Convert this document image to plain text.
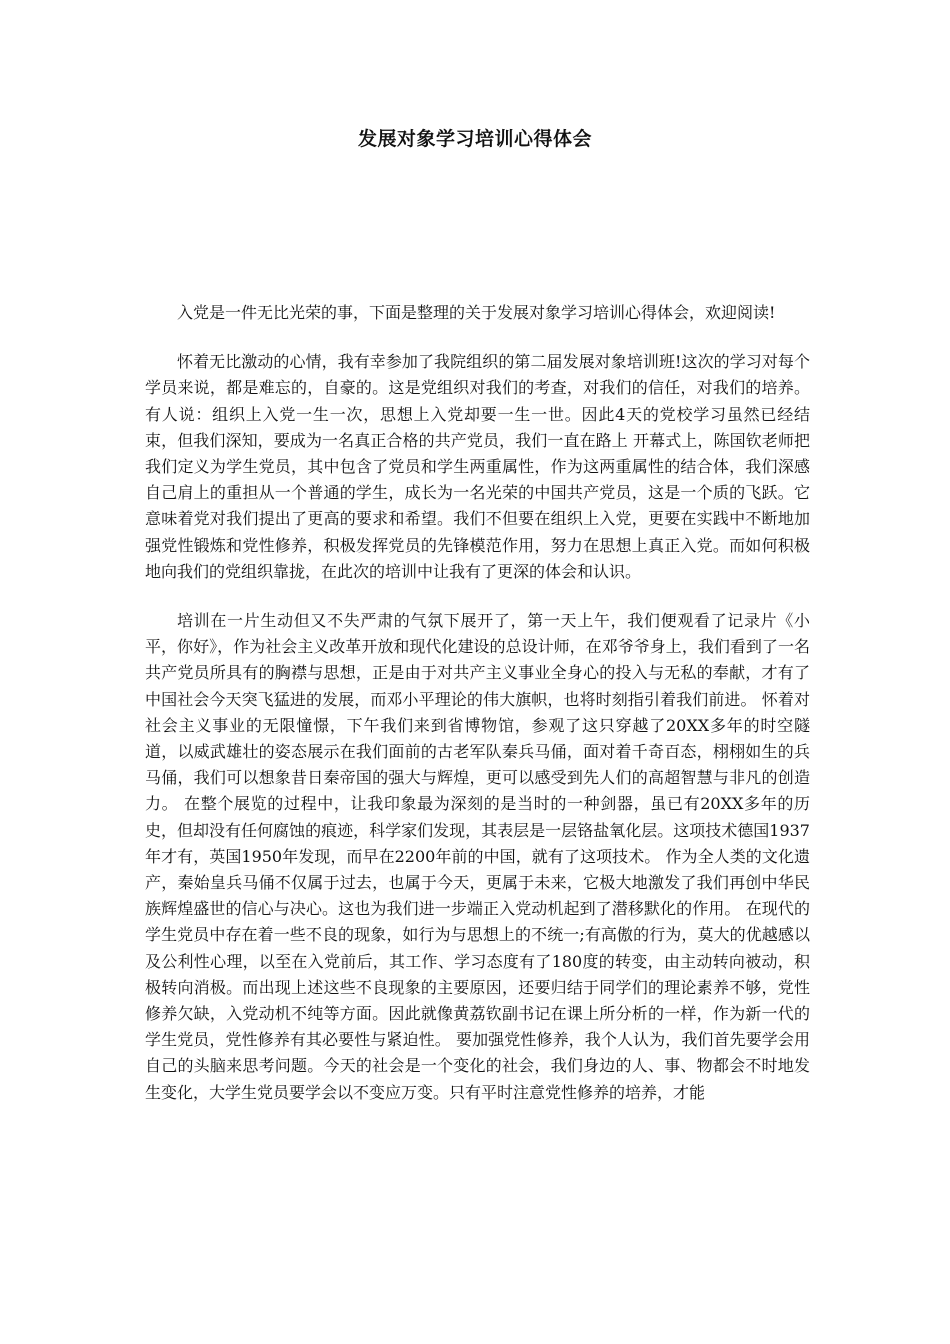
发展对象学习培训心得体会

入党是一件无比光荣的事，下面是整理的关于发展对象学习培训心得体会，欢迎阅读!

怀着无比激动的心情，我有幸参加了我院组织的第二届发展对象培训班!这次的学习对每个学员来说，都是难忘的，自豪的。这是党组织对我们的考查，对我们的信任，对我们的培养。有人说：组织上入党一生一次，思想上入党却要一生一世。因此4天的党校学习虽然已经结束，但我们深知，要成为一名真正合格的共产党员，我们一直在路上 开幕式上，陈国钦老师把我们定义为学生党员，其中包含了党员和学生两重属性，作为这两重属性的结合体，我们深感自己肩上的重担从一个普通的学生，成长为一名光荣的中国共产党员，这是一个质的飞跃。它意味着党对我们提出了更高的要求和希望。我们不但要在组织上入党，更要在实践中不断地加强党性锻炼和党性修养，积极发挥党员的先锋模范作用，努力在思想上真正入党。而如何积极地向我们的党组织靠拢，在此次的培训中让我有了更深的体会和认识。

培训在一片生动但又不失严肃的气氛下展开了，第一天上午，我们便观看了记录片《小平，你好》，作为社会主义改革开放和现代化建设的总设计师，在邓爷爷身上，我们看到了一名共产党员所具有的胸襟与思想，正是由于对共产主义事业全身心的投入与无私的奉献，才有了中国社会今天突飞猛进的发展，而邓小平理论的伟大旗帜，也将时刻指引着我们前进。 怀着对社会主义事业的无限憧憬，下午我们来到省博物馆，参观了这只穿越了20XX多年的时空隧道，以威武雄壮的姿态展示在我们面前的古老军队秦兵马俑，面对着千奇百态，栩栩如生的兵马俑，我们可以想象昔日秦帝国的强大与辉煌，更可以感受到先人们的高超智慧与非凡的创造力。 在整个展览的过程中，让我印象最为深刻的是当时的一种剑器，虽已有20XX多年的历史，但却没有任何腐蚀的痕迹，科学家们发现，其表层是一层铬盐氧化层。这项技术德国1937年才有，英国1950年发现，而早在2200年前的中国，就有了这项技术。 作为全人类的文化遗产，秦始皇兵马俑不仅属于过去，也属于今天，更属于未来，它极大地激发了我们再创中华民族辉煌盛世的信心与决心。这也为我们进一步端正入党动机起到了潜移默化的作用。 在现代的学生党员中存在着一些不良的现象，如行为与思想上的不统一;有高傲的行为，莫大的优越感以及公利性心理，以至在入党前后，其工作、学习态度有了180度的转变，由主动转向被动，积极转向消极。而出现上述这些不良现象的主要原因，还要归结于同学们的理论素养不够，党性修养欠缺，入党动机不纯等方面。因此就像黄荔钦副书记在课上所分析的一样，作为新一代的学生党员，党性修养有其必要性与紧迫性。 要加强党性修养，我个人认为，我们首先要学会用自己的头脑来思考问题。今天的社会是一个变化的社会，我们身边的人、事、物都会不时地发生变化，大学生党员要学会以不变应万变。只有平时注意党性修养的培养，才能
